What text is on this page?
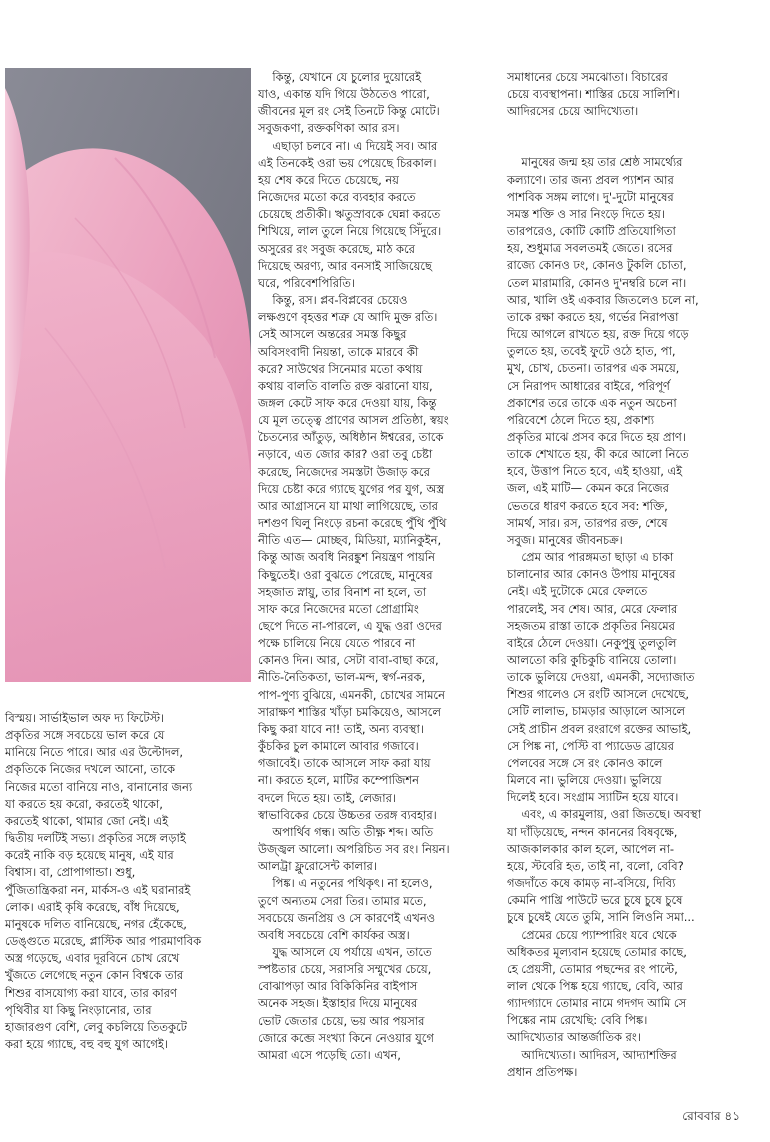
বিস্ময়। সার্ভাইভাল অফ দ্য ফিটেস্ট।

প্রকৃতির সঙ্গে সবচেয়ে ভাল করে যে

মানিয়ে নিতে পারে। আর এর উল্টোদল,

প্রকৃতিকে নিজের দখলে আনো, তাকে

নিজের মতো বানিয়ে নাও, বানানোর জন্য

যা করতে হয় করো, করতেই থাকো,

করতেই থাকো, থামার জো নেই। এই

দ্বিতীয় দলটিই সভ্য। প্রকৃতির সঙ্গে লড়াই

করেই নাকি বড় হয়েছে মানুষ, এই যার

বিশ্বাস। বা, প্রোপাগান্ডা। শুধু,

পুঁজিতান্ত্রিকরা নন, মার্কস-ও এই ঘরানারই

লোক। এরাই কৃষি করেছে, বাঁধ দিয়েছে,

মানুষকে দলিত বানিয়েছে, নগর হেঁকেছে,

ডেঙ্গুতে মরেছে, প্লাস্টিক আর পারমাণবিক

অস্ত্র গড়েছে, এবার দূরবিনে চোখ রেখে

খুঁজতে লেগেছে নতুন কোন বিশ্বকে তার

শিশুর বাসযোগ্য করা যাবে, তার কারণ

পৃথিবীর যা কিছু নিংড়ানোর, তার

হাজারগুণ বেশি, লেবু কচলিয়ে তিতকুটে

করা হয়ে গ্যাছে, বহু বহু যুগ আগেই।

কিন্তু, যেখানে যে চুলোর দুয়োরেই

যাও, একান্ত যদি গিয়ে উঠতেও পারো,

জীবনের মূল রং সেই তিনটে কিন্তু মোটে।

সবুজকণা, রক্তকণিকা আর রস।

এছাড়া চলবে না। এ দিয়েই সব। আর

এই তিনকেই ওরা ভয় পেয়েছে চিরকাল।

হয় শেষ করে দিতে চেয়েছে, নয়

নিজেদের মতো করে ব্যবহার করতে

চেয়েছে প্রতীকী। ঋতুস্রাবকে ঘেন্না করতে

শিখিয়ে, লাল তুলে নিয়ে গিয়েছে সিঁদুরে।

অসুরের রং সবুজ করেছে, মাঠ করে

দিয়েছে অরণ্য, আর বনসাই সাজিয়েছে

ঘরে, পরিবেশপিরিতি।

কিন্তু, রস। প্লব-বিপ্লবের চেয়েও

লক্ষগুণে বৃহত্তর শত্রু যে আদি মুক্ত রতি।

সেই আসলে অন্তরের সমস্ত কিছুর

অবিসংবাদী নিয়ন্তা, তাকে মারবে কী

করে? সাউথের সিনেমার মতো কথায়

কথায় বালতি বালতি রক্ত ঝরানো যায়,

জঙ্গল কেটে সাফ করে দেওয়া যায়, কিন্তু

যে মূল তত্ত্বে প্রাণের আসল প্রতিষ্ঠা, স্বয়ং

চৈতন্যের আঁতুড়, অধিষ্ঠান ঈশ্বরের, তাকে

নড়াবে, এত জোর কার? ওরা তবু চেষ্টা

করেছে, নিজেদের সমস্তটা উজাড় করে

দিয়ে চেষ্টা করে গ্যাছে যুগের পর যুগ, অস্ত্র

আর আগ্রাসনে যা মাথা লাগিয়েছে, তার

দশগুণ ঘিলু নিংড়ে রচনা করেছে পুঁথি পুঁথি

নীতি এত— মোচ্ছব, মিডিয়া, ম্যানিকুইন,

কিন্তু আজ অবধি নিরঙ্কুশ নিয়ন্ত্রণ পায়নি

কিছুতেই। ওরা বুঝতে পেরেছে, মানুষের

সহজাত স্নায়ু, তার বিনাশ না হলে, তা

সাফ করে নিজেদের মতো প্রোগ্রামিং

ছেপে দিতে না-পারলে, এ যুদ্ধ ওরা ওদের

পক্ষে চালিয়ে নিয়ে যেতে পারবে না

কোনও দিন। আর, সেটা বাবা-বাছা করে,

নীতি-নৈতিকতা, ভাল-মন্দ, স্বর্গ-নরক,

পাপ-পুণ্য বুঝিয়ে, এমনকী, চোখের সামনে

সারাক্ষণ শাস্তির খাঁড়া চমকিয়েও, আসলে

কিছু করা যাবে না! তাই, অন্য ব্যবস্থা।

কুঁচকির চুল কামালে আবার গজাবে।

গজাবেই। তাকে আসলে সাফ করা যায়

না। করতে হলে, মাটির কম্পোজিশন

বদলে দিতে হয়। তাই, লেজার।

স্বাভাবিকের চেয়ে উচ্চতর তরঙ্গ ব্যবহার।

অপার্থিব গন্ধ। অতি তীক্ষ্ণ শব্দ। অতি

উজ্জ্বল আলো। অপরিচিত সব রং। নিয়ন।

আলট্রা ফ্লুরোসেন্ট কালার।

পিঙ্ক। এ নতুনের পথিকৃৎ। না হলেও,

তুণে অন্যতম সেরা তির। তামার মতে,

সবচেয়ে জনপ্রিয় ও সে কারণেই এখনও

অবধি সবচেয়ে বেশি কার্যকর অস্ত্র।

যুদ্ধ আসলে যে পর্যায়ে এখন, তাতে

স্পষ্টতার চেয়ে, সরাসরি সম্মুখের চেয়ে,

বোঝাপড়া আর বিকিকিনির বাইপাস

অনেক সহজ। ইস্তাহার দিয়ে মানুষের

ভোট জেতার চেয়ে, ভয় আর পয়সার

জোরে কব্জে সংখ্যা কিনে নেওয়ার যুগে

আমরা এসে পড়েছি তো। এখন,

সমাধানের চেয়ে সমঝোতা। বিচারের

চেয়ে ব্যবস্থাপনা। শাস্তির চেয়ে সালিশি।

আদিরসের চেয়ে আদিখ্যেতা।

মানুষের জন্ম হয় তার শ্রেষ্ঠ সামর্থ্যের

কল্যাণে। তার জন্য প্রবল প্যাশন আর

পাশবিক সঙ্গম লাগে। দু'-দুটো মানুষের

সমস্ত শক্তি ও সার নিংড়ে দিতে হয়।

তারপরেও, কোটি কোটি প্রতিযোগিতা

হয়, শুধুমাত্র সবলতমই জেতে। রসের

রাজ্যে কোনও ঢং, কোনও টুকলি চোতা,

তেল মারামারি, কোনও দু'নম্বরি চলে না।

আর, খালি ওই একবার জিতলেও চলে না,

তাকে রক্ষা করতে হয়, গর্ভের নিরাপত্তা

দিয়ে আগলে রাখতে হয়, রক্ত দিয়ে গড়ে

তুলতে হয়, তবেই ফুটে ওঠে হাত, পা,

মুখ, চোখ, চেতনা। তারপর এক সময়ে,

সে নিরাপদ আধারের বাইরে, পরিপূর্ণ

প্রকাশের তরে তাকে এক নতুন অচেনা

পরিবেশে ঠেলে দিতে হয়, প্রকাশ্য

প্রকৃতির মাঝে প্রসব করে দিতে হয় প্রাণ।

তাকে শেখাতে হয়, কী করে আলো নিতে

হবে, উত্তাপ নিতে হবে, এই হাওয়া, এই

জল, এই মাটি— কেমন করে নিজের

ভেতরে ধারণ করতে হবে সব: শক্তি,

সামর্থ, সার। রস, তারপর রক্ত, শেষে

সবুজ। মানুষের জীবনচক্র।

প্রেম আর পারঙ্গমতা ছাড়া এ চাকা

চালানোর আর কোনও উপায় মানুষের

নেই। এই দুটোকে মেরে ফেলতে

পারলেই, সব শেষ। আর, মেরে ফেলার

সহজতম রাস্তা তাকে প্রকৃতির নিয়মের

বাইরে ঠেলে দেওয়া। নেকুপুষু তুলতুলি

আলতো করি কুচিকুচি বানিয়ে তোলা।

তাকে ভুলিয়ে দেওয়া, এমনকী, সদ্যোজাত

শিশুর গালেও সে রংটি আসলে দেখেছে,

সেটি লালাভ, চামড়ার আড়ালে আসলে

সেই প্রাচীন প্রবল রংরাগে রক্তের আভাই,

সে পিঙ্ক না, পেস্টি বা প্যাডেড ব্রায়ের

পেলবের সঙ্গে সে রং কোনও কালে

মিলবে না। ভুলিয়ে দেওয়া। ভুলিয়ে

দিলেই হবে। সংগ্রাম স্যাটিন হয়ে যাবে।

এবং, এ কারমুলায়, ওরা জিতছে। অবস্থা

যা দাঁড়িয়েছে, নন্দন কাননের বিষবৃক্ষে,

আজকালকার কাল হলে, আপেল না-

হয়ে, স্টবেরি হত, তাই না, বলো, বেবি?

গজদাঁতে কষে কামড় না-বসিয়ে, দিব্যি

কেমনি পাখ্রি পাউটে ভরে চুষে চুষে চুষে

চুষে চুষেই যেতে তুমি, সানি লিওনি সমা...

প্রেমের চেয়ে প্যাম্পারিং যবে থেকে

অধিকতর মূল্যবান হয়েছে তোমার কাছে,

হে প্রেয়সী, তোমার পছন্দের রং পাল্টে,

লাল থেকে পিঙ্ক হয়ে গ্যাছে, বেবি, আর

গ্যাদগ্যাদে তোমার নামে গদগদ আমি সে

পিঙ্কের নাম রেখেছি: বেবি পিঙ্ক।

আদিখ্যেতার আন্তর্জাতিক রং।

আদিখ্যেতা। আদিরস, আদ্যাশক্তির

প্রধান প্রতিপক্ষ।

রোববার ৪১
